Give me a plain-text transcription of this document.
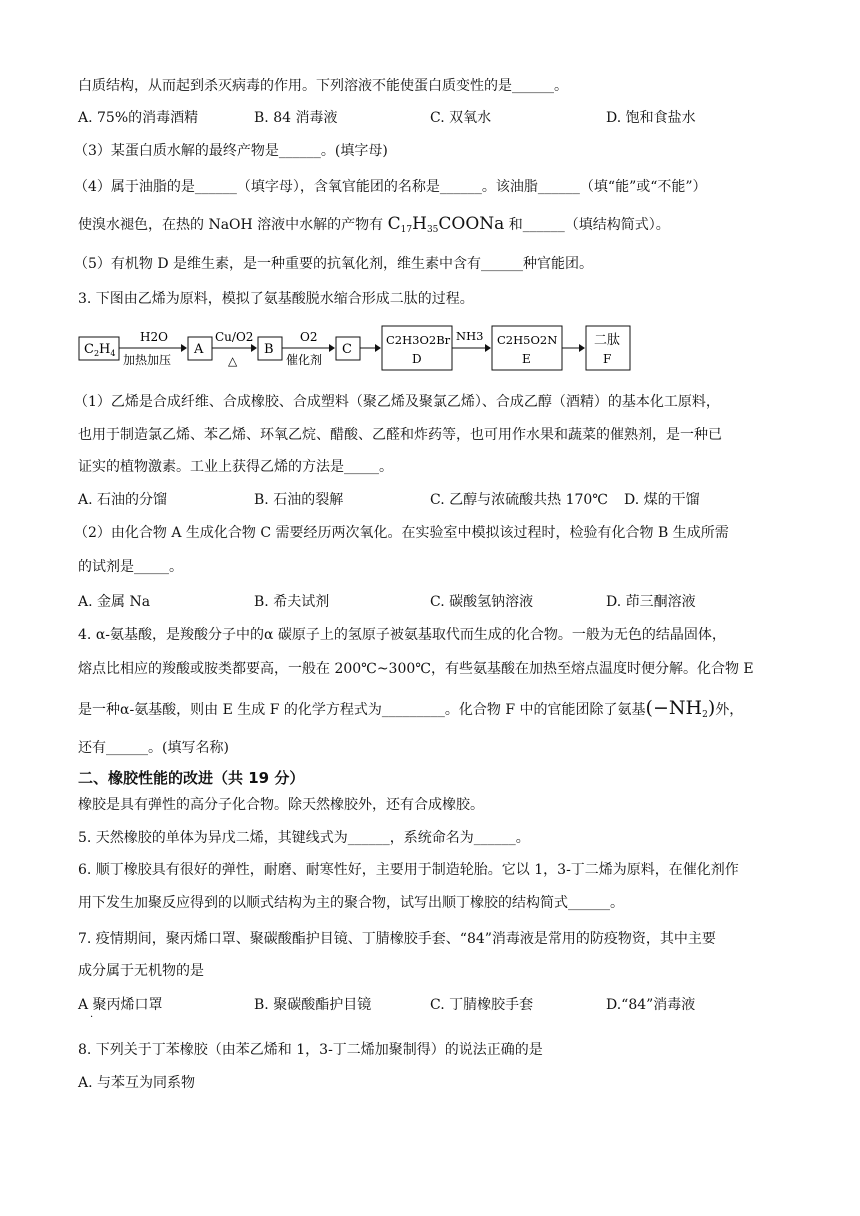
白质结构，从而起到杀灭病毒的作用。下列溶液不能使蛋白质变性的是______。
A. 75%的消毒酒精	B. 84 消毒液	C. 双氧水	D. 饱和食盐水
（3）某蛋白质水解的最终产物是______。(填字母)
（4）属于油脂的是______（填字母），含氧官能团的名称是______。该油脂______（填“能”或“不能”）
使溴水褪色，在热的 NaOH 溶液中水解的产物有 $C_{17}H_{35}COONa$ 和______（填结构简式）。
（5）有机物 D 是维生素，是一种重要的抗氧化剂，维生素中含有______种官能团。
3. 下图由乙烯为原料，模拟了氨基酸脱水缩合形成二肽的过程。
$C_2H_4$
H2O
加热加压
A
Cu/O2
△
B
O2
催化剂
C
C2H3O2Br
D
NH3 C2H5O2N
E
二肽
F
（1）乙烯是合成纤维、合成橡胶、合成塑料（聚乙烯及聚氯乙烯）、合成乙醇（酒精）的基本化工原料，
也用于制造氯乙烯、苯乙烯、环氧乙烷、醋酸、乙醛和炸药等，也可用作水果和蔬菜的催熟剂，是一种已
证实的植物激素。工业上获得乙烯的方法是_____。
A. 石油的分馏	B. 石油的裂解	C. 乙醇与浓硫酸共热 170℃ D. 煤的干馏
（2）由化合物 A 生成化合物 C 需要经历两次氧化。在实验室中模拟该过程时，检验有化合物 B 生成所需
的试剂是_____。
A. 金属 Na	B. 希夫试剂	C. 碳酸氢钠溶液	D. 茚三酮溶液
4. α-氨基酸，是羧酸分子中的α 碳原子上的氢原子被氨基取代而生成的化合物。一般为无色的结晶固体，
熔点比相应的羧酸或胺类都要高，一般在 200℃~300℃，有些氨基酸在加热至熔点温度时便分解。化合物 E
是一种α-氨基酸，则由 E 生成 F 的化学方程式为_________。化合物 F 中的官能团除了氨基$(-NH_2)$外，
还有______。(填写名称)
二、橡胶性能的改进（共 19 分）
橡胶是具有弹性的高分子化合物。除天然橡胶外，还有合成橡胶。
5. 天然橡胶的单体为异戊二烯，其键线式为______，系统命名为______。
6. 顺丁橡胶具有很好的弹性，耐磨、耐寒性好，主要用于制造轮胎。它以 1，3-丁二烯为原料，在催化剂作
用下发生加聚反应得到的以顺式结构为主的聚合物，试写出顺丁橡胶的结构简式______。
7. 疫情期间，聚丙烯口罩、聚碳酸酯护目镜、丁腈橡胶手套、“84”消毒液是常用的防疫物资，其中主要
成分属于无机物的是
A 聚丙烯口罩
·
B. 聚碳酸酯护目镜	C. 丁腈橡胶手套	D.“84”消毒液
8. 下列关于丁苯橡胶（由苯乙烯和 1，3-丁二烯加聚制得）的说法正确的是
A. 与苯互为同系物
